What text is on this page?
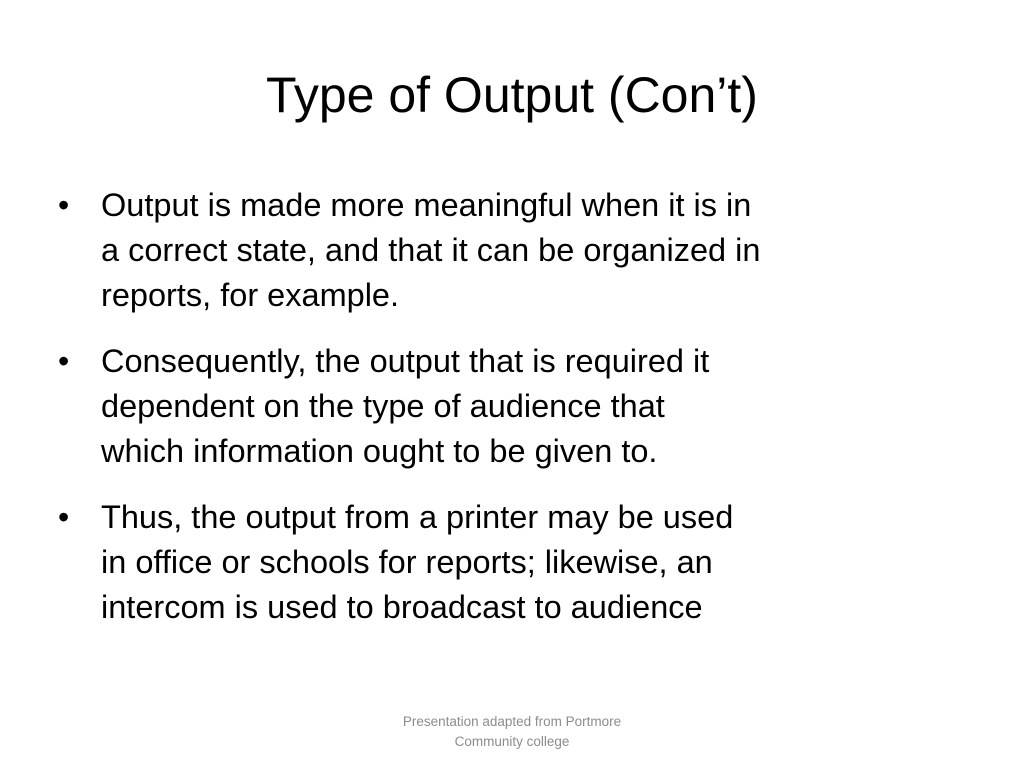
Type of Output (Con’t)
• Output is made more meaningful when it is in
a correct state, and that it can be organized in
reports, for example.
• Consequently, the output that is required it
dependent on the type of audience that
which information ought to be given to.
• Thus, the output from a printer may be used
in office or schools for reports; likewise, an
intercom is used to broadcast to audience
Presentation adapted from Portmore
Community college
